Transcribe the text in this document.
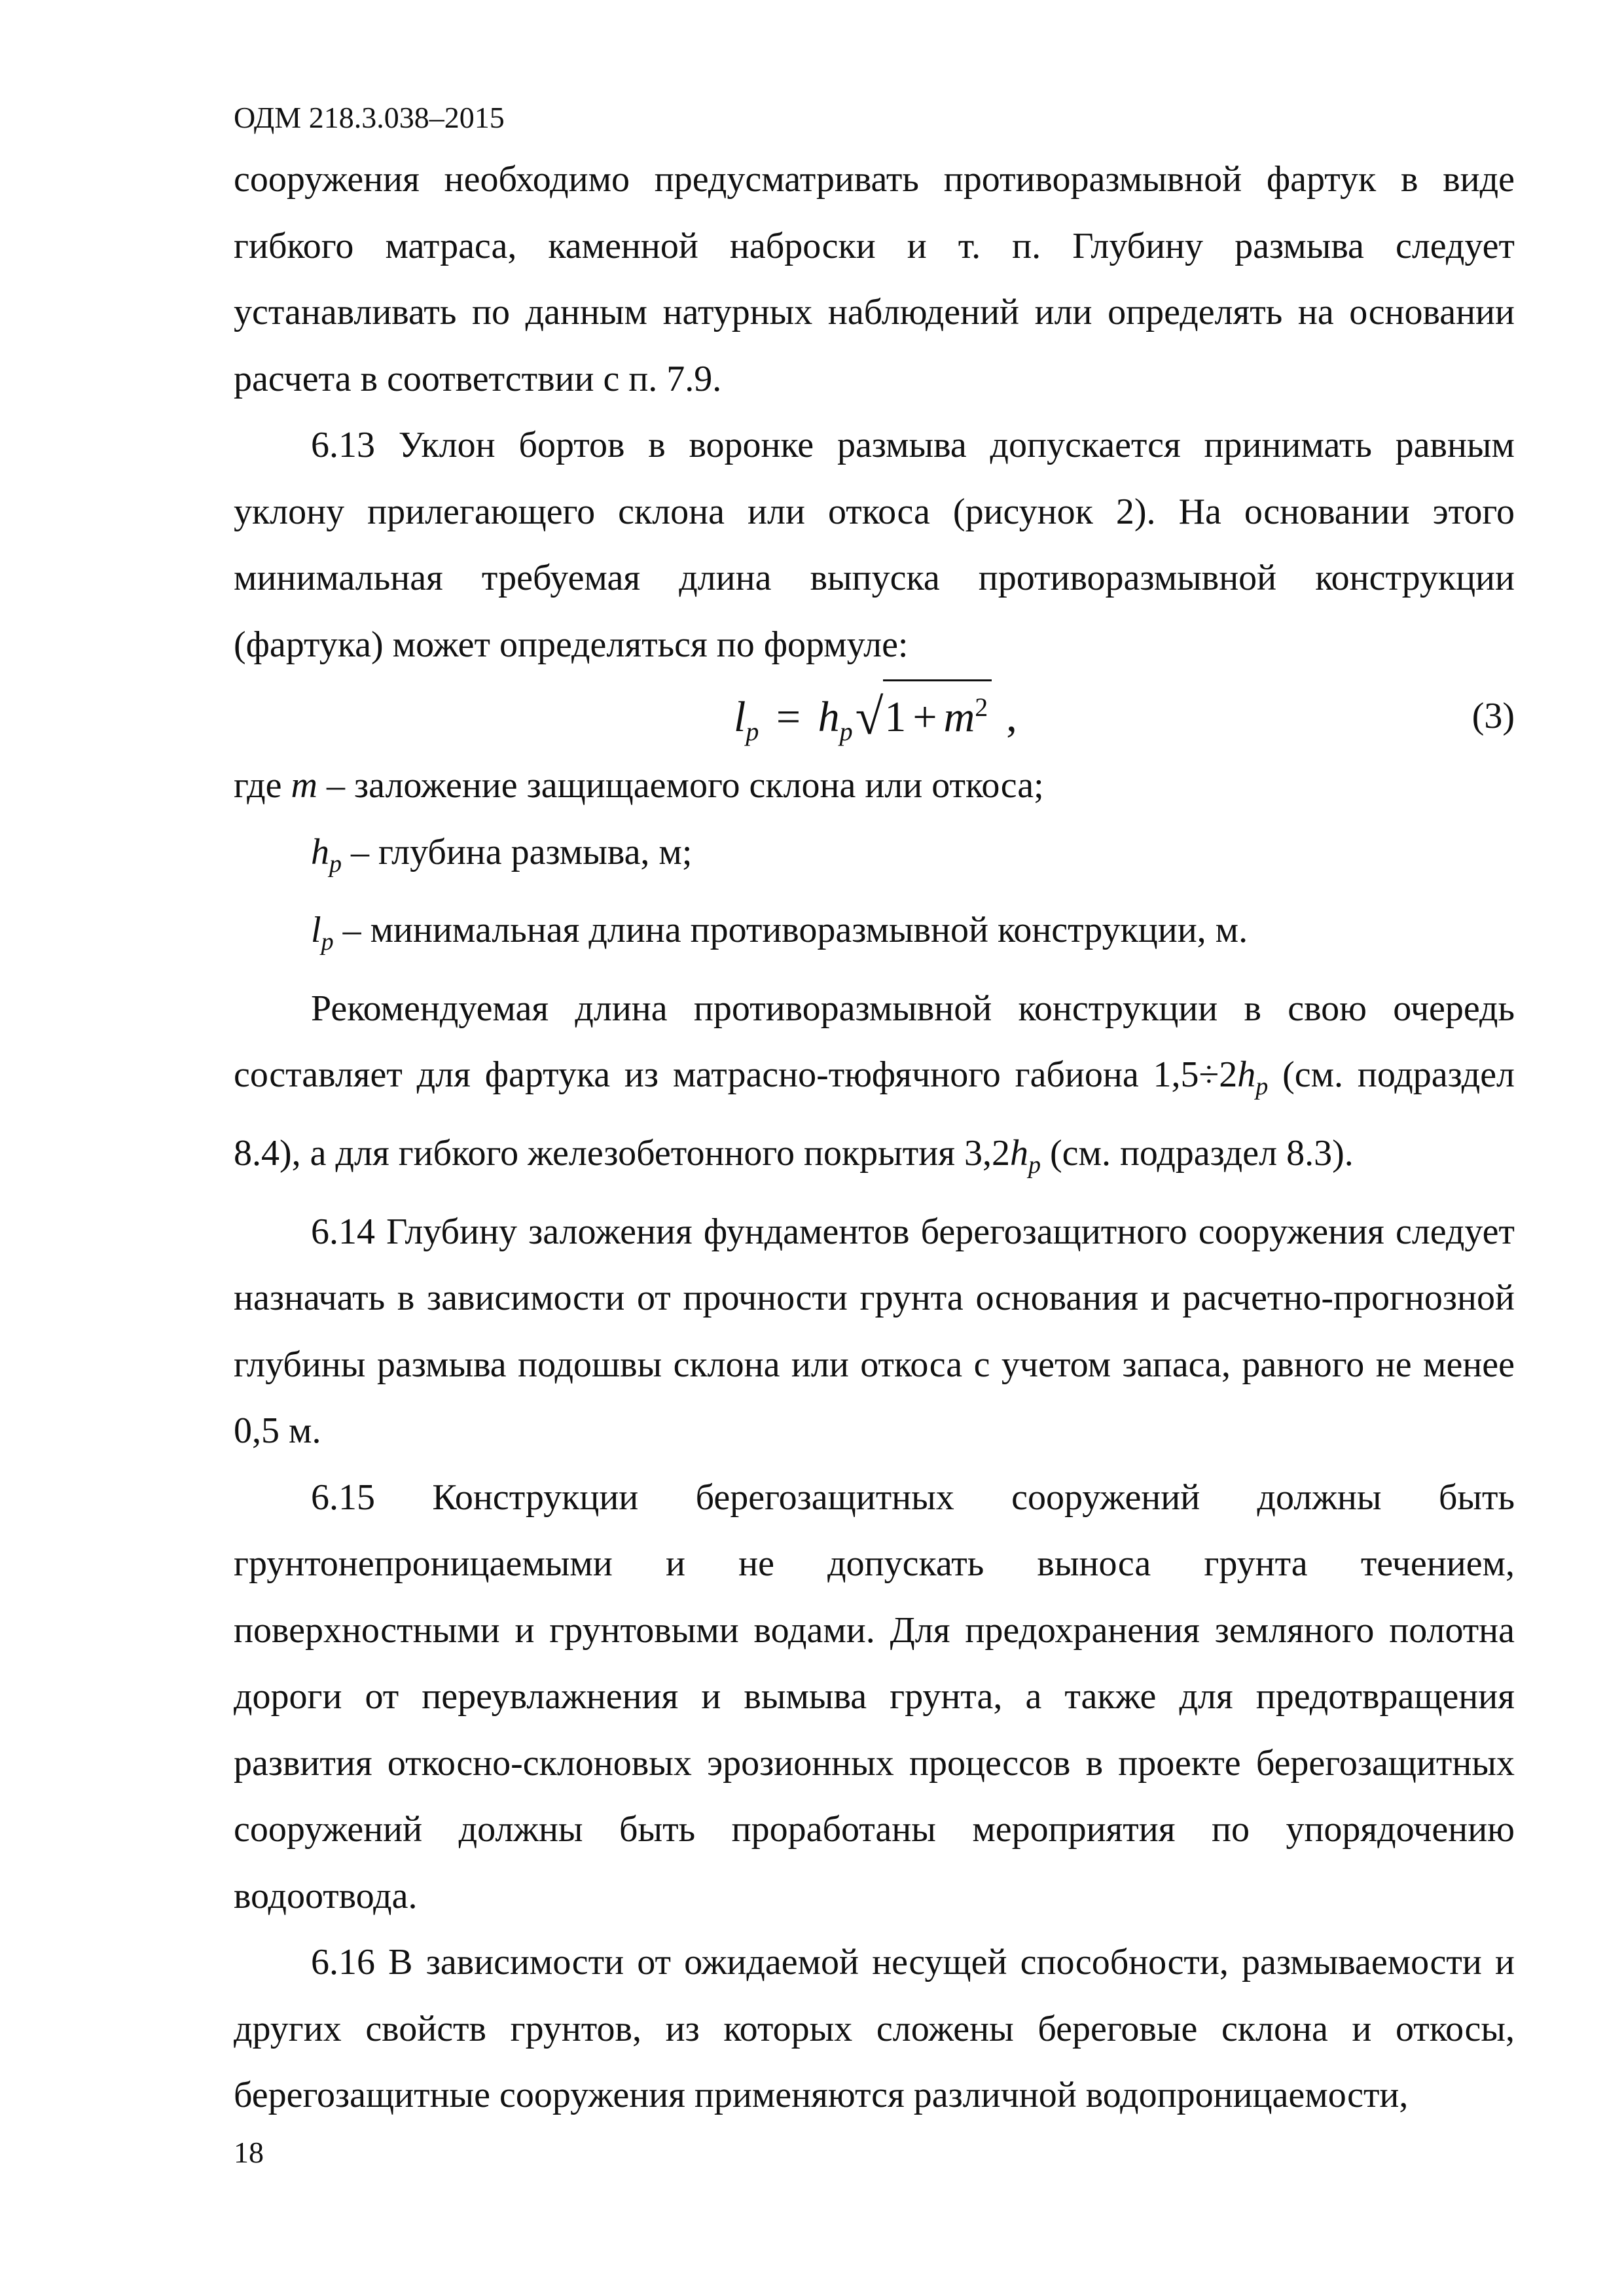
ОДМ 218.3.038–2015

сооружения необходимо предусматривать противоразмывной фартук в виде гибкого матраса, каменной наброски и т. п. Глубину размыва следует устанавливать по данным натурных наблюдений или определять на основании расчета в соответствии с п. 7.9.

6.13 Уклон бортов в воронке размыва допускается принимать равным уклону прилегающего склона или откоса (рисунок 2). На основании этого минимальная требуемая длина выпуска противоразмывной конструкции (фартука) может определяться по формуле:

$l_p = h_p√1 + m^2$ ,	(3)

где m – заложение защищаемого склона или откоса;

$h_p$ – глубина размыва, м;

$l_p$ – минимальная длина противоразмывной конструкции, м.

Рекомендуемая длина противоразмывной конструкции в свою очередь составляет для фартука из матрасно-тюфячного габиона $1,5\div 2h_p$ (см. подраздел 8.4), а для гибкого железобетонного покрытия $3,2h_p$ (см. подраздел 8.3).

6.14 Глубину заложения фундаментов берегозащитного сооружения следует назначать в зависимости от прочности грунта основания и расчетно-прогнозной глубины размыва подошвы склона или откоса с учетом запаса, равного не менее 0,5 м.

6.15 Конструкции берегозащитных сооружений должны быть грунтонепроницаемыми и не допускать выноса грунта течением, поверхностными и грунтовыми водами. Для предохранения земляного полотна дороги от переувлажнения и вымыва грунта, а также для предотвращения развития откосно-склоновых эрозионных процессов в проекте берегозащитных сооружений должны быть проработаны мероприятия по упорядочению водоотвода.

6.16 В зависимости от ожидаемой несущей способности, размываемости и других свойств грунтов, из которых сложены береговые склона и откосы, берегозащитные сооружения применяются различной водопроницаемости,

18
